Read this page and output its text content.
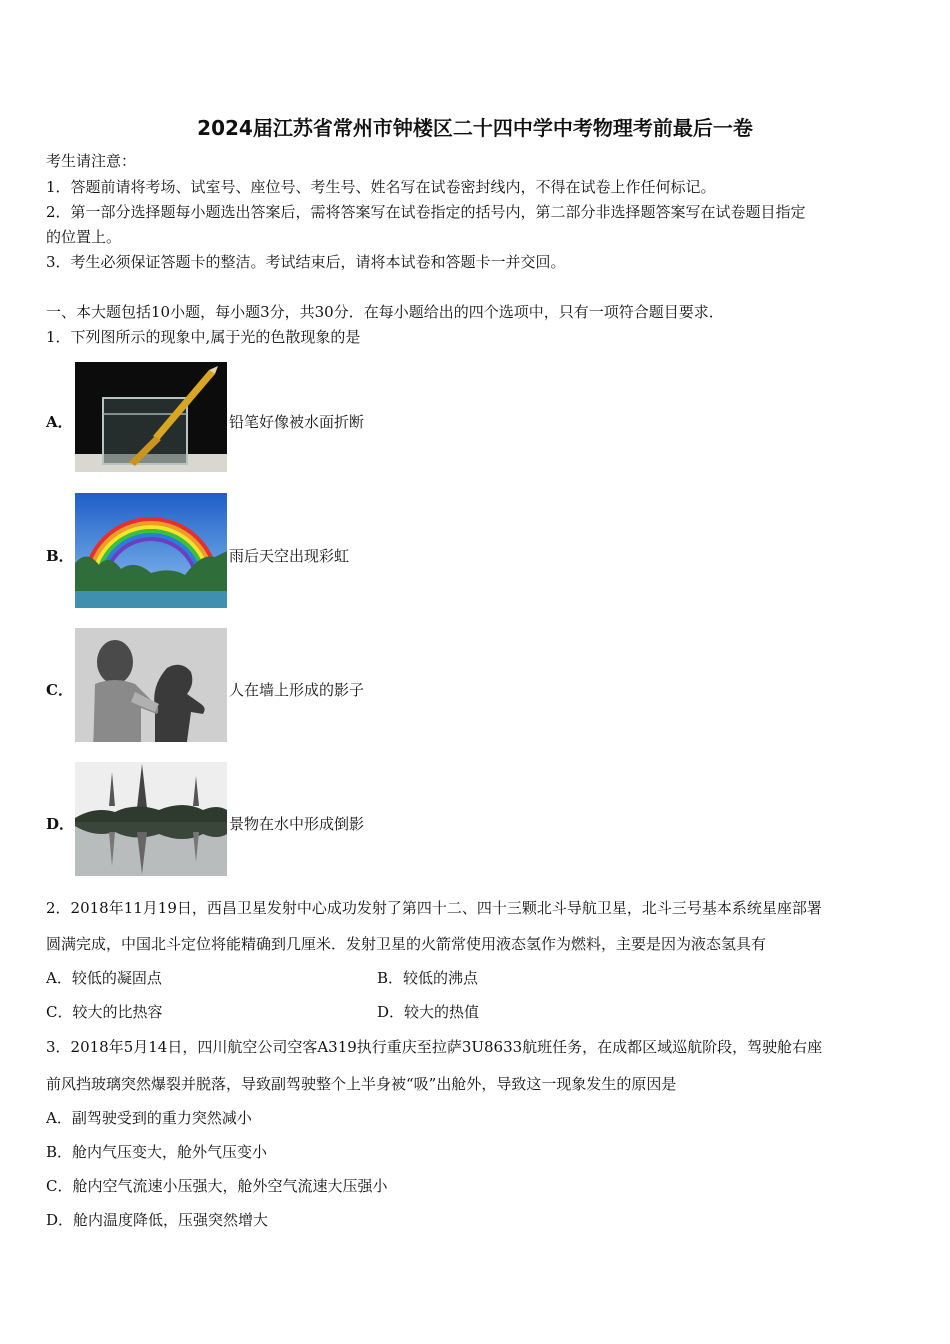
2024届江苏省常州市钟楼区二十四中学中考物理考前最后一卷
考生请注意：
1．答题前请将考场、试室号、座位号、考生号、姓名写在试卷密封线内，不得在试卷上作任何标记。
2．第一部分选择题每小题选出答案后，需将答案写在试卷指定的括号内，第二部分非选择题答案写在试卷题目指定
的位置上。
3．考生必须保证答题卡的整洁。考试结束后，请将本试卷和答题卡一并交回。
一、本大题包括10小题，每小题3分，共30分．在每小题给出的四个选项中，只有一项符合题目要求．
1．下列图所示的现象中,属于光的色散现象的是
A．	铅笔好像被水面折断
B．	雨后天空出现彩虹
C．	人在墙上形成的影子
D．	景物在水中形成倒影
2．2018年11月19日，西昌卫星发射中心成功发射了第四十二、四十三颗北斗导航卫星，北斗三号基本系统星座部署
圆满完成，中国北斗定位将能精确到几厘米．发射卫星的火箭常使用液态氢作为燃料，主要是因为液态氢具有
A．较低的凝固点	B．较低的沸点
C．较大的比热容	D．较大的热值
3．2018年5月14日，四川航空公司空客A319执行重庆至拉萨3U8633航班任务，在成都区域巡航阶段，驾驶舱右座
前风挡玻璃突然爆裂并脱落，导致副驾驶整个上半身被“吸”出舱外，导致这一现象发生的原因是
A．副驾驶受到的重力突然减小
B．舱内气压变大，舱外气压变小
C．舱内空气流速小压强大，舱外空气流速大压强小
D．舱内温度降低，压强突然增大
